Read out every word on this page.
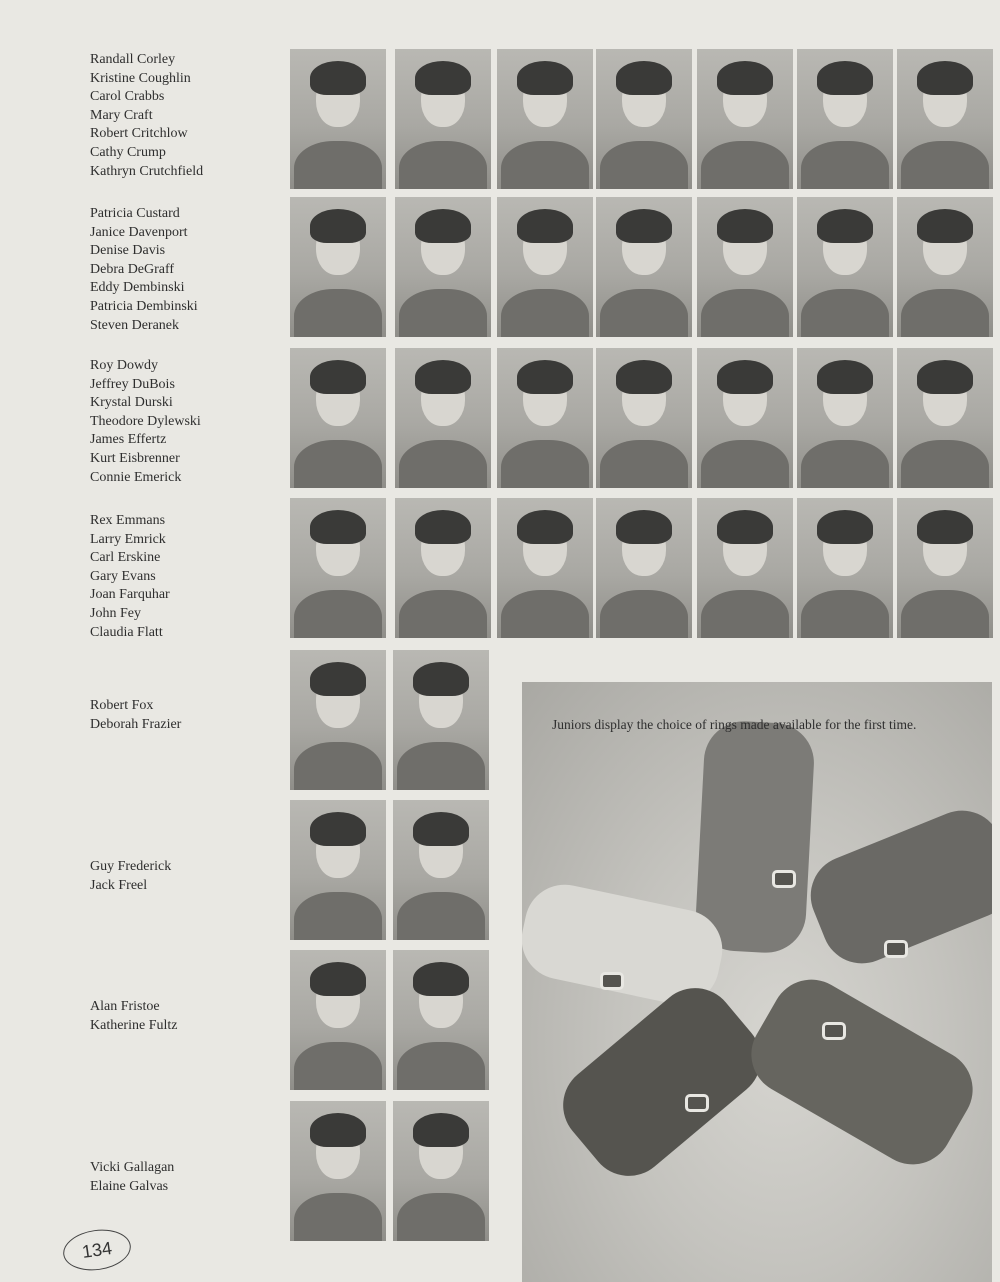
Randall Corley
Kristine Coughlin
Carol Crabbs
Mary Craft
Robert Critchlow
Cathy Crump
Kathryn Crutchfield
Patricia Custard
Janice Davenport
Denise Davis
Debra DeGraff
Eddy Dembinski
Patricia Dembinski
Steven Deranek
Roy Dowdy
Jeffrey DuBois
Krystal Durski
Theodore Dylewski
James Effertz
Kurt Eisbrenner
Connie Emerick
Rex Emmans
Larry Emrick
Carl Erskine
Gary Evans
Joan Farquhar
John Fey
Claudia Flatt
Robert Fox
Deborah Frazier
Guy Frederick
Jack Freel
Alan Fristoe
Katherine Fultz
Vicki Gallagan
Elaine Galvas
Juniors display the choice of rings made available for the first time.
134
